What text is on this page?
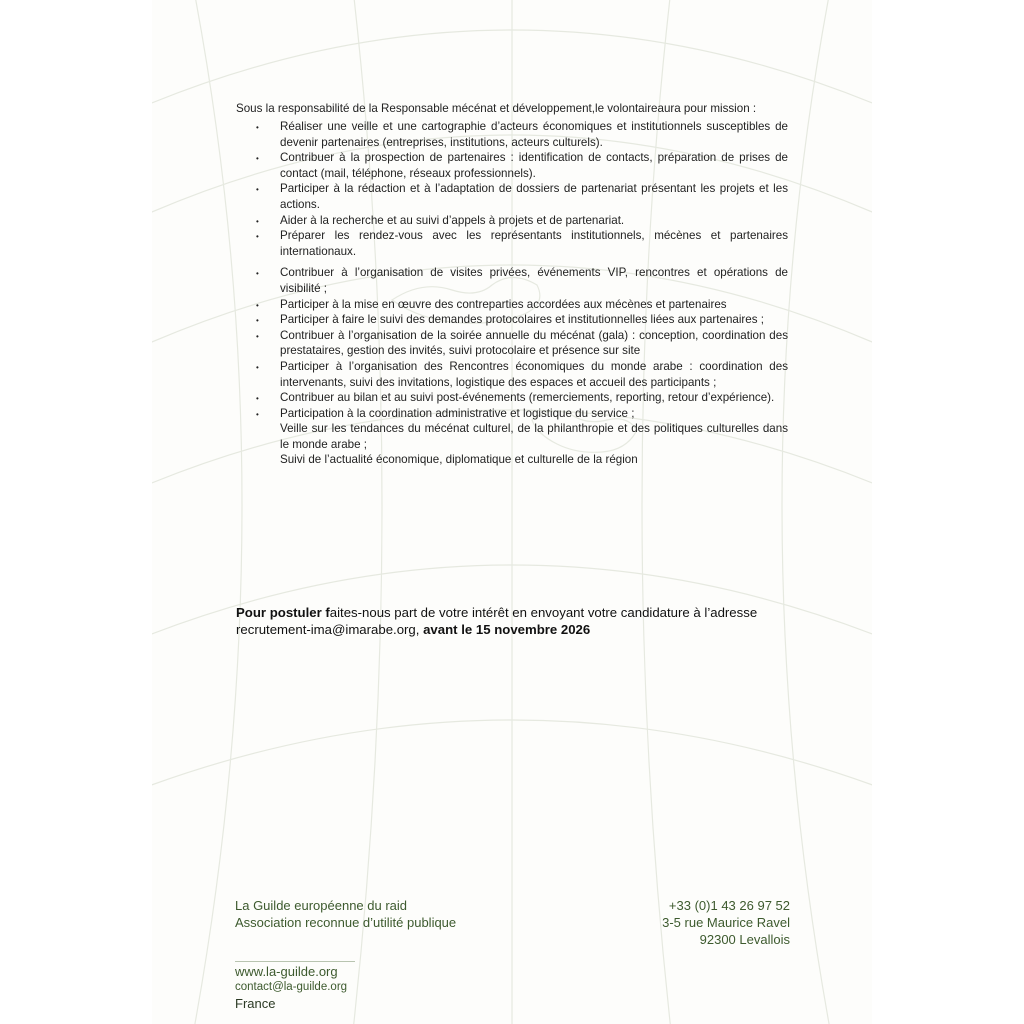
Sous la responsabilité de la Responsable mécénat et développement,le volontaireaura pour mission :
• Réaliser une veille et une cartographie d’acteurs économiques et institutionnels susceptibles de devenir partenaires (entreprises, institutions, acteurs culturels).
• Contribuer à la prospection de partenaires : identification de contacts, préparation de prises de contact (mail, téléphone, réseaux professionnels).
• Participer à la rédaction et à l’adaptation de dossiers de partenariat présentant les projets et les actions.
• Aider à la recherche et au suivi d’appels à projets et de partenariat.
• Préparer les rendez-vous avec les représentants institutionnels, mécènes et partenaires internationaux.
• Contribuer à l’organisation de visites privées, événements VIP, rencontres et opérations de visibilité ;
• Participer à la mise en œuvre des contreparties accordées aux mécènes et partenaires
• Participer à faire le suivi des demandes protocolaires et institutionnelles liées aux partenaires ;
• Contribuer à l’organisation de la soirée annuelle du mécénat (gala) : conception, coordination des prestataires, gestion des invités, suivi protocolaire et présence sur site
• Participer à l’organisation des Rencontres économiques du monde arabe : coordination des intervenants, suivi des invitations, logistique des espaces et accueil des participants ;
• Contribuer au bilan et au suivi post-événements (remerciements, reporting, retour d’expérience).
• Participation à la coordination administrative et logistique du service ;
Veille sur les tendances du mécénat culturel, de la philanthropie et des politiques culturelles dans le monde arabe ;
Suivi de l’actualité économique, diplomatique et culturelle de la région
Pour postuler faites-nous part de votre intérêt en envoyant votre candidature à l’adresse recrutement-ima@imarabe.org, avant le 15 novembre 2026
La Guilde européenne du raid
Association reconnue d’utilité publique
+33 (0)1 43 26 97 52
3-5 rue Maurice Ravel
92300 Levallois
www.la-guilde.org
contact@la-guilde.org
France
